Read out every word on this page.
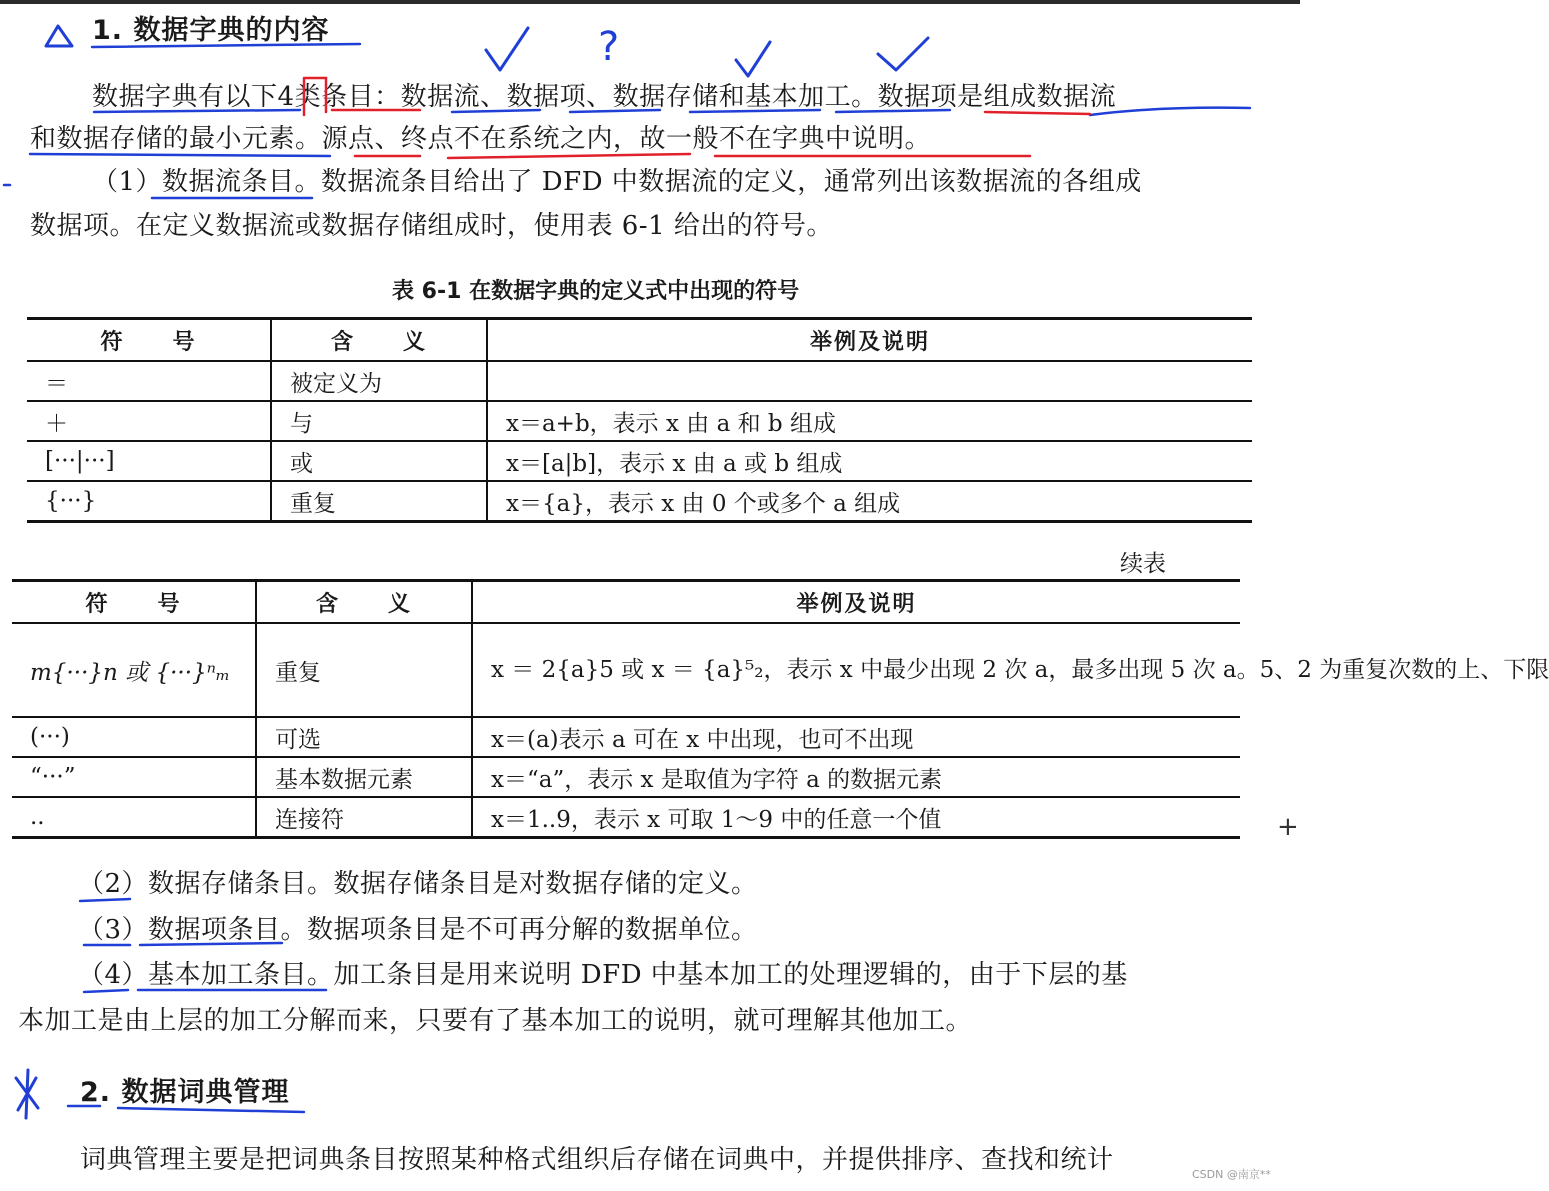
1. 数据字典的内容
数据字典有以下4类条目：数据流、数据项、数据存储和基本加工。数据项是组成数据流
和数据存储的最小元素。源点、终点不在系统之内，故一般不在字典中说明。
（1）数据流条目。数据流条目给出了 DFD 中数据流的定义，通常列出该数据流的各组成
数据项。在定义数据流或数据存储组成时，使用表 6-1 给出的符号。
表 6-1 在数据字典的定义式中出现的符号
符　　号	含　　义	举例及说明
＝	被定义为	
＋	与	x＝a+b，表示 x 由 a 和 b 组成
[···|···]	或	x＝[a|b]，表示 x 由 a 或 b 组成
{···}	重复	x＝{a}，表示 x 由 0 个或多个 a 组成
续表
符　　号	含　　义	举例及说明
m{···}n 或 {···}ⁿₘ	重复	x ＝ 2{a}5 或 x ＝ {a}⁵₂，表示 x 中最少出现 2 次 a，最多出现 5 次 a。5、2 为重复次数的上、下限
(···)	可选	x＝(a)表示 a 可在 x 中出现，也可不出现
“···”	基本数据元素	x＝“a”，表示 x 是取值为字符 a 的数据元素
..	连接符	x＝1..9，表示 x 可取 1～9 中的任意一个值	+
（2）数据存储条目。数据存储条目是对数据存储的定义。
（3）数据项条目。数据项条目是不可再分解的数据单位。
（4）基本加工条目。加工条目是用来说明 DFD 中基本加工的处理逻辑的，由于下层的基
本加工是由上层的加工分解而来，只要有了基本加工的说明，就可理解其他加工。
2. 数据词典管理
词典管理主要是把词典条目按照某种格式组织后存储在词典中，并提供排序、查找和统计	CSDN @南京**
?
